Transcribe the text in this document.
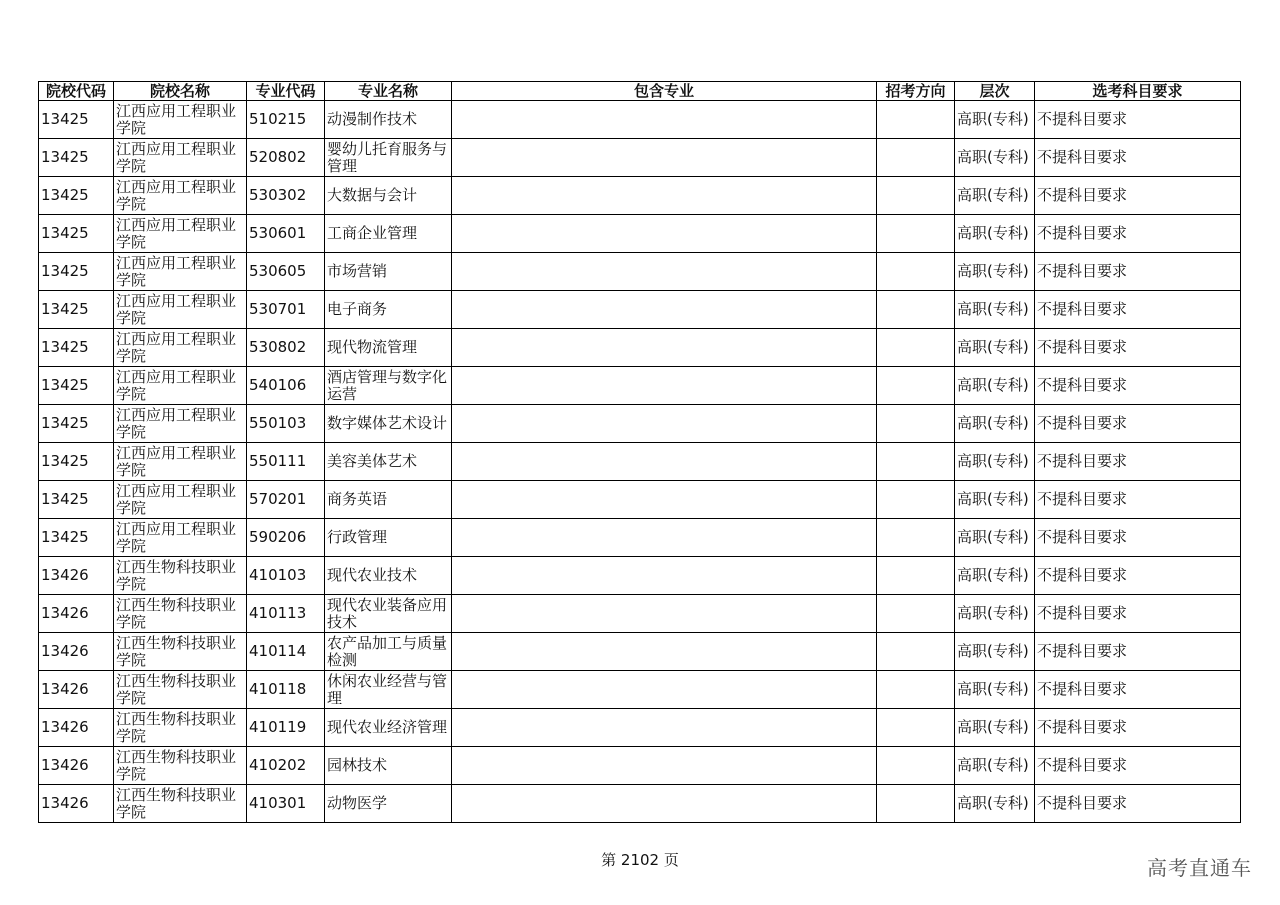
院校代码	院校名称	专业代码	专业名称	包含专业	招考方向	层次	选考科目要求
13425	江西应用工程职业学院	510215	动漫制作技术			高职(专科)	不提科目要求
13425	江西应用工程职业学院	520802	婴幼儿托育服务与管理			高职(专科)	不提科目要求
13425	江西应用工程职业学院	530302	大数据与会计			高职(专科)	不提科目要求
13425	江西应用工程职业学院	530601	工商企业管理			高职(专科)	不提科目要求
13425	江西应用工程职业学院	530605	市场营销			高职(专科)	不提科目要求
13425	江西应用工程职业学院	530701	电子商务			高职(专科)	不提科目要求
13425	江西应用工程职业学院	530802	现代物流管理			高职(专科)	不提科目要求
13425	江西应用工程职业学院	540106	酒店管理与数字化运营			高职(专科)	不提科目要求
13425	江西应用工程职业学院	550103	数字媒体艺术设计			高职(专科)	不提科目要求
13425	江西应用工程职业学院	550111	美容美体艺术			高职(专科)	不提科目要求
13425	江西应用工程职业学院	570201	商务英语			高职(专科)	不提科目要求
13425	江西应用工程职业学院	590206	行政管理			高职(专科)	不提科目要求
13426	江西生物科技职业学院	410103	现代农业技术			高职(专科)	不提科目要求
13426	江西生物科技职业学院	410113	现代农业装备应用技术			高职(专科)	不提科目要求
13426	江西生物科技职业学院	410114	农产品加工与质量检测			高职(专科)	不提科目要求
13426	江西生物科技职业学院	410118	休闲农业经营与管理			高职(专科)	不提科目要求
13426	江西生物科技职业学院	410119	现代农业经济管理			高职(专科)	不提科目要求
13426	江西生物科技职业学院	410202	园林技术			高职(专科)	不提科目要求
13426	江西生物科技职业学院	410301	动物医学			高职(专科)	不提科目要求
第 2102 页	高考直通车
